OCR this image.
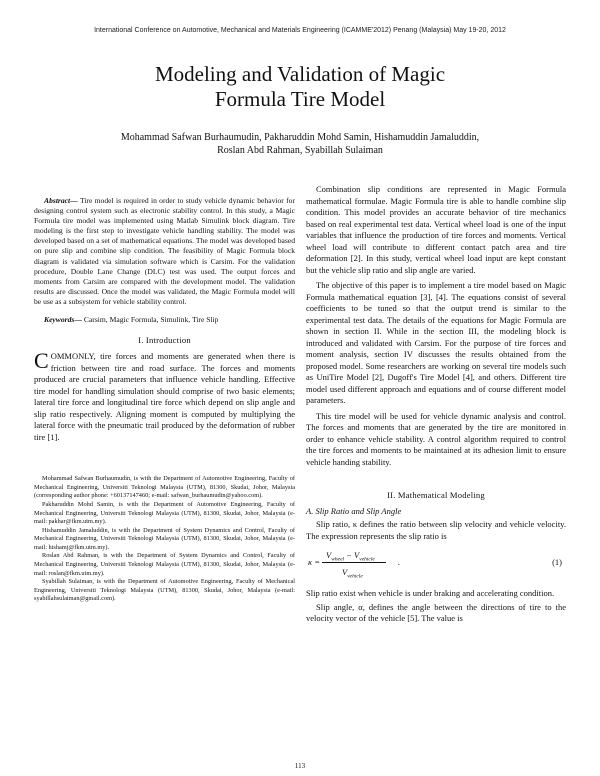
International Conference on Automotive, Mechanical and Materials Engineering (ICAMME'2012) Penang (Malaysia) May 19-20, 2012
Modeling and Validation of Magic
Formula Tire Model
Mohammad Safwan Burhaumudin, Pakharuddin Mohd Samin, Hishamuddin Jamaluddin,
Roslan Abd Rahman, Syabillah Sulaiman

Abstract— Tire model is required in order to study vehicle dynamic behavior for designing control system such as electronic stability control. In this study, a Magic Formula tire model was implemented using Matlab Simulink block diagram. Tire modeling is the first step to investigate vehicle handling stability. The model was developed based on a set of mathematical equations. The model was developed based on pure slip and combine slip condition. The feasibility of Magic Formula block diagram is validated via simulation software which is Carsim. For the validation procedure, Double Lane Change (DLC) test was used. The output forces and moments from Carsim are compared with the development model. The validation results are discussed. Once the model was validated, the Magic Formula model will be use as a subsystem for vehicle stability control.

Keywords— Carsim, Magic Formula, Simulink, Tire Slip

I. Introduction

COMMONLY, tire forces and moments are generated when there is friction between tire and road surface. The forces and moments produced are crucial parameters that influence vehicle handling. Effective tire model for handling simulation should comprise of two basic elements; lateral tire force and longitudinal tire force which depend on slip angle and slip ratio respectively. Aligning moment is computed by multiplying the lateral force with the pneumatic trail produced by the deformation of rubber tire [1].

Mohammad Safwan Burhaumudin, is with the Department of Automotive Engineering, Faculty of Mechanical Engineering, Universiti Teknologi Malaysia (UTM), 81300, Skudai, Johor, Malaysia (corresponding author phone: +60137147460; e-mail: safwan_burhaumudin@yahoo.com).

Pakharuddin Mohd Samin, is with the Department of Automotive Engineering, Faculty of Mechanical Engineering, Universiti Teknologi Malaysia (UTM), 81300, Skudai, Johor, Malaysia (e-mail: pakhar@fkm.utm.my).

Hishamuddin Jamaluddin, is with the Department of System Dynamics and Control, Faculty of Mechanical Engineering, Universiti Teknologi Malaysia (UTM), 81300, Skudai, Johor, Malaysia (e-mail: hishamj@fkm.utm.my).

Roslan Abd Rahman, is with the Department of System Dynamics and Control, Faculty of Mechanical Engineering, Universiti Teknologi Malaysia (UTM), 81300, Skudai, Johor, Malaysia (e-mail: roslan@fkm.utm.my).

Syabillah Sulaiman, is with the Department of Automotive Engineering, Faculty of Mechanical Engineering, Universiti Teknologi Malaysia (UTM), 81300, Skudai, Johor, Malaysia (e-mail: syabillahsulaiman@gmail.com).

Combination slip conditions are represented in Magic Formula mathematical formulae. Magic Formula tire is able to handle combine slip condition. This model provides an accurate behavior of tire mechanics based on real experimental test data. Vertical wheel load is one of the input variables that influence the production of tire forces and moments. Vertical wheel load will contribute to different contact patch area and tire deformation [2]. In this study, vertical wheel load input are kept constant but the vehicle slip ratio and slip angle are varied.

The objective of this paper is to implement a tire model based on Magic Formula mathematical equation [3], [4]. The equations consist of several coefficients to be tuned so that the output trend is similar to the experimental test data. The details of the equations for Magic Formula are shown in section II. While in the section III, the modeling block is introduced and validated with Carsim. For the purpose of tire forces and moment analysis, section IV discusses the results obtained from the proposed model. Some researchers are working on several tire models such as UniTire Model [2], Dugoff's Tire Model [4], and others. Different tire model used different approach and equations and of course different model parameters.

This tire model will be used for vehicle dynamic analysis and control. The forces and moments that are generated by the tire are monitored in order to enhance vehicle stability. A control algorithm required to control the tire forces and moments to be maintained at its adhesion limit to ensure vehicle handing stability.

II. Mathematical Modeling
A. Slip Ratio and Slip Angle

Slip ratio, κ defines the ratio between slip velocity and vehicle velocity. The expression represents the slip ratio is

κ =
$V_{wheel} - V_{vehicle}$
$V_{vehicle}$
.	(1)

Slip ratio exist when vehicle is under braking and accelerating condition.

Slip angle, α, defines the angle between the directions of tire to the velocity vector of the vehicle [5]. The value is

113
